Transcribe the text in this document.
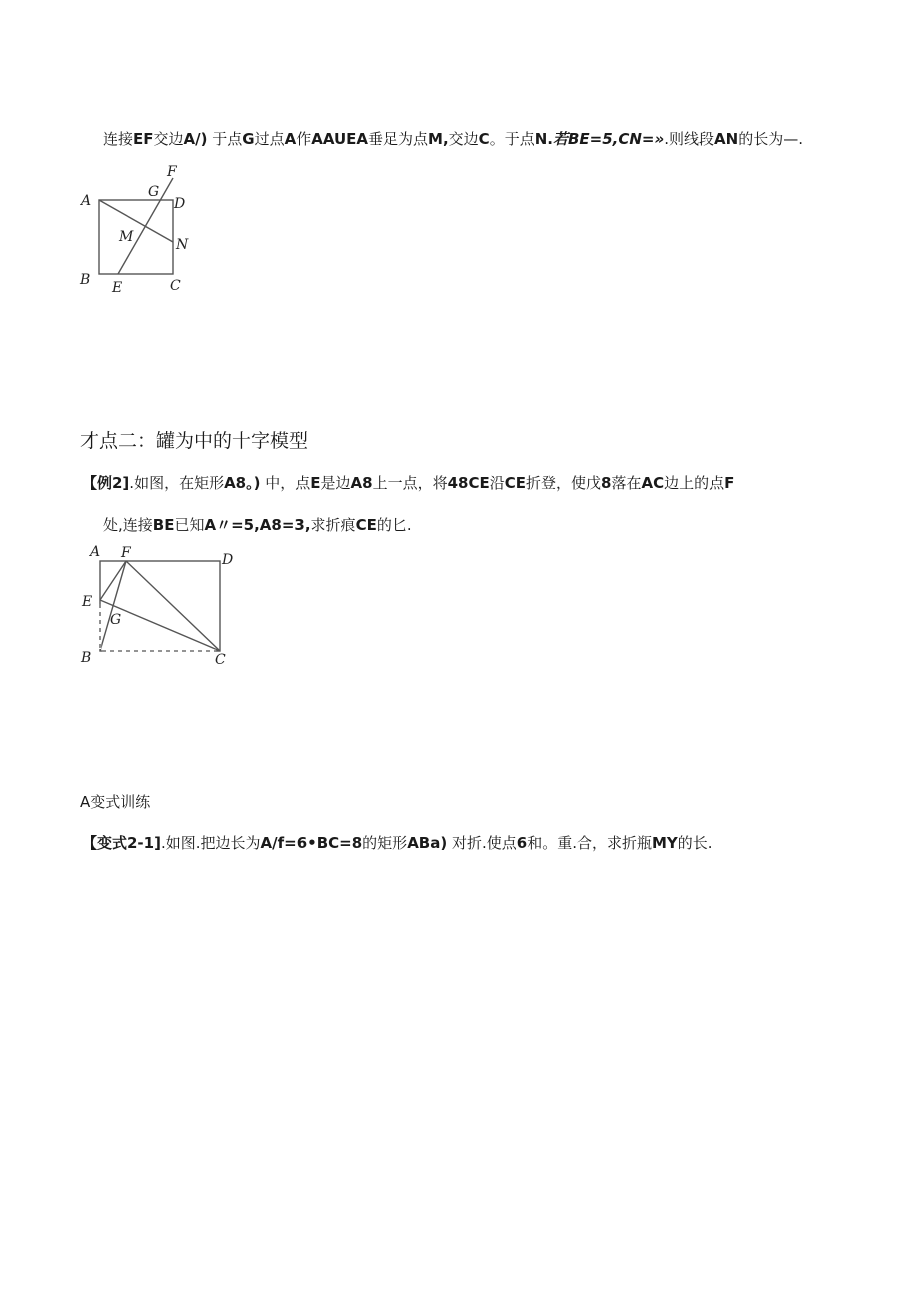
连接EF交边A/) 于点G过点A作AAUEA垂足为点M,交边C。于点N.若BE=5,CN=».则线段AN的长为—.
A
B	C
D
E
F
G
M	N
才点二：罐为中的十字模型
【例2].如图，在矩形A8。) 中，点E是边A8上一点，将48CE沿CE折登，使戊8落在AC边上的点F
处,连接BE已知A〃=5,A8=3,求折痕CE的匕.
A
B	C
D
E
F
G
A变式训练
【变式2-1].如图.把边长为A/f=6•BC=8的矩形ABa) 对折.使点6和。重.合，求折瓶MY的长.
